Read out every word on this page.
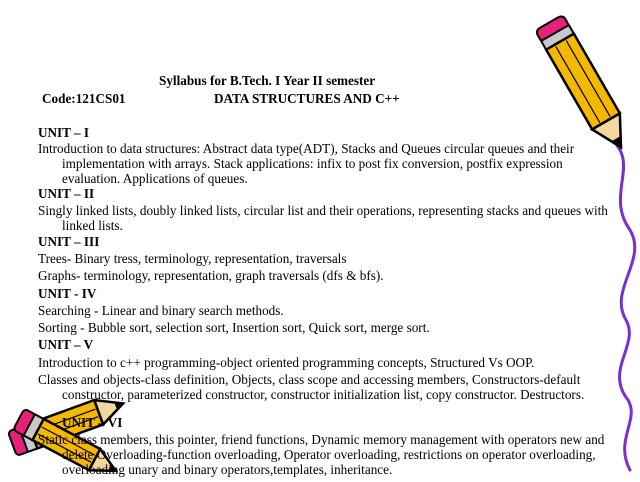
Syllabus for B.Tech. I Year II semester
Code:121CS01	DATA STRUCTURES AND C++
UNIT – I
Introduction to data structures: Abstract data type(ADT), Stacks and Queues circular queues and their implementation with arrays. Stack applications: infix to post fix conversion, postfix expression evaluation. Applications of queues.
UNIT – II
Singly linked lists, doubly linked lists, circular list and their operations, representing stacks and queues with linked lists.
UNIT – III
Trees- Binary tress, terminology, representation, traversals
Graphs- terminology, representation, graph traversals (dfs & bfs).
UNIT - IV
Searching - Linear and binary search methods.
Sorting - Bubble sort, selection sort, Insertion sort, Quick sort, merge sort.
UNIT – V
Introduction to c++ programming-object oriented programming concepts, Structured Vs OOP.
Classes and objects-class definition, Objects, class scope and accessing members, Constructors-default constructor, parameterized constructor, constructor initialization list, copy constructor. Destructors.
UNIT – VI
Static class members, this pointer, friend functions, Dynamic memory management with operators new and delete.Overloading-function overloading, Operator overloading, restrictions on operator overloading, overloading unary and binary operators,templates, inheritance.
